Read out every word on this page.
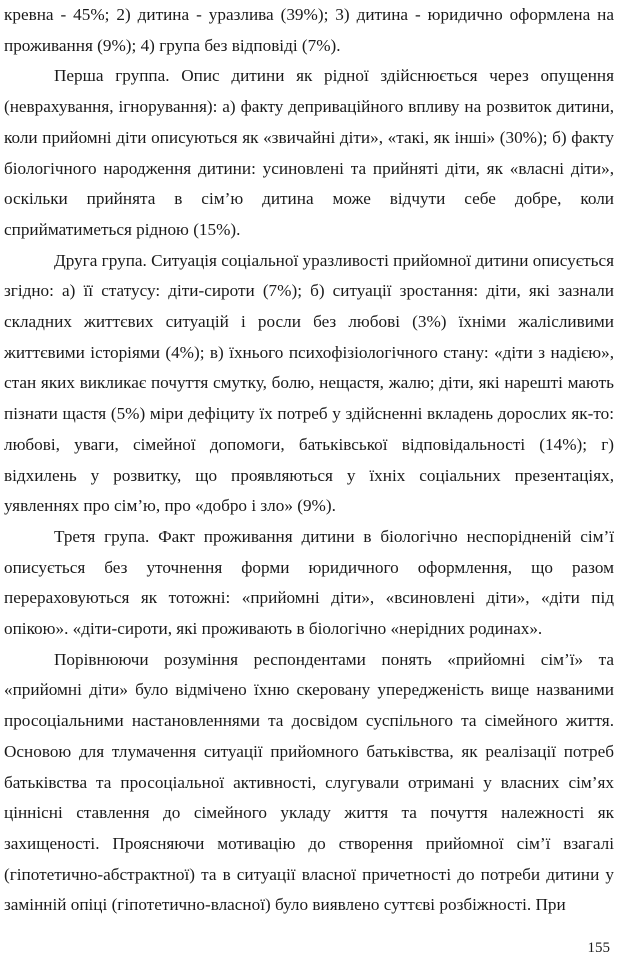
кревна - 45%; 2) дитина - уразлива (39%); 3) дитина - юридично оформлена на проживання (9%); 4) група без відповіді (7%).

Перша группа. Опис дитини як рідної здійснюється через опущення (неврахування, ігнорування): а) факту депривацiйного впливу на розвиток дитини, коли прийомні діти описуються як «звичайні діти», «такі, як інші» (30%); б) факту біологічного народження дитини: усиновлені та прийняті діти, як «власні діти», оскільки прийнята в сім’ю дитина може відчути себе добре, коли сприйматиметься рідною (15%).

Друга група. Ситуація соціальної уразливості прийомної дитини описується згідно: а) її статусу: діти-сироти (7%); б) ситуації зростання: діти, які зазнали складних життєвих ситуацій і росли без любові (3%) їхніми жалісливими життєвими історіями (4%); в) їхнього психофізіологічного стану: «діти з надією», стан яких викликає почуття смутку, болю, нещастя, жалю; діти, які нарешті мають пізнати щастя (5%) міри дефіциту їх потреб у здійсненні вкладень дорослих як-то: любові, уваги, сімейної допомоги, батьківської відповідальності (14%); г) відхилень у розвитку, що проявляються у їхніх соціальних презентаціях, уявленнях про сім’ю, про «добро і зло» (9%).

Третя група. Факт проживання дитини в біологічно неспорідненій сім’ї описується без уточнення форми юридичного оформлення, що разом перераховуються як тотожні: «прийомні діти», «всиновлені діти», «діти під опікою». «діти-сироти, які проживають в біологічно «нерідних родинах».

Порівнюючи розуміння респондентами понять «прийомні сім’ї» та «прийомні діти» було відмічено їхню скеровану упередженість вище названими просоціальними настановленнями та досвідом суспільного та сімейного життя. Основою для тлумачення ситуації прийомного батьківства, як реалізації потреб батьківства та просоціальної активності, слугували отримані у власних сім’ях ціннісні ставлення до сімейного укладу життя та почуття належності як захищеності. Проясняючи мотивацію до створення прийомної сім’ї взагалі (гіпотетично-абстрактної) та в ситуації власної причетності до потреби дитини у замінній опіці (гіпотетично-власної) було виявлено суттєві розбіжності. При

155
